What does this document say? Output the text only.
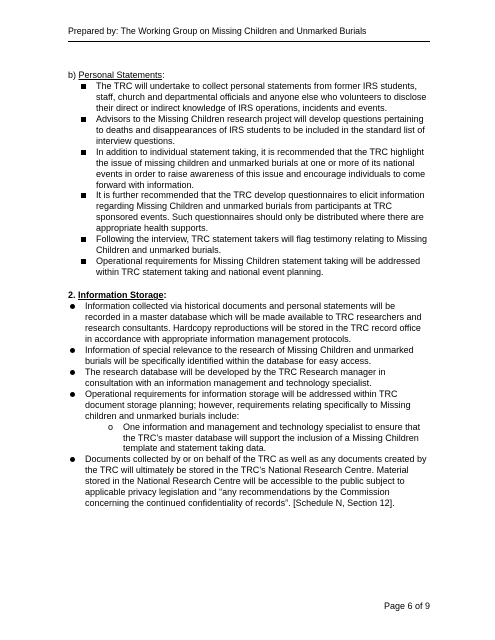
Prepared by: The Working Group on Missing Children and Unmarked Burials

b) Personal Statements:

The TRC will undertake to collect personal statements from former IRS students, staff, church and departmental officials and anyone else who volunteers to disclose their direct or indirect knowledge of IRS operations, incidents and events.
Advisors to the Missing Children research project will develop questions pertaining to deaths and disappearances of IRS students to be included in the standard list of interview questions.
In addition to individual statement taking, it is recommended that the TRC highlight the issue of missing children and unmarked burials at one or more of its national events in order to raise awareness of this issue and encourage individuals to come forward with information.
It is further recommended that the TRC develop questionnaires to elicit information regarding Missing Children and unmarked burials from participants at TRC sponsored events. Such questionnaires should only be distributed where there are appropriate health supports.
Following the interview, TRC statement takers will flag testimony relating to Missing Children and unmarked burials.
Operational requirements for Missing Children statement taking will be addressed within TRC statement taking and national event planning.

2. Information Storage:

Information collected via historical documents and personal statements will be recorded in a master database which will be made available to TRC researchers and research consultants. Hardcopy reproductions will be stored in the TRC record office in accordance with appropriate information management protocols.
Information of special relevance to the research of Missing Children and unmarked burials will be specifically identified within the database for easy access.
The research database will be developed by the TRC Research manager in consultation with an information management and technology specialist.
Operational requirements for information storage will be addressed within TRC document storage planning; however, requirements relating specifically to Missing children and unmarked burials include:
o One information and management and technology specialist to ensure that the TRC’s master database will support the inclusion of a Missing Children template and statement taking data.
Documents collected by or on behalf of the TRC as well as any documents created by the TRC will ultimately be stored in the TRC’s National Research Centre. Material stored in the National Research Centre will be accessible to the public subject to applicable privacy legislation and “any recommendations by the Commission concerning the continued confidentiality of records”. [Schedule N, Section 12].
Page 6 of 9
